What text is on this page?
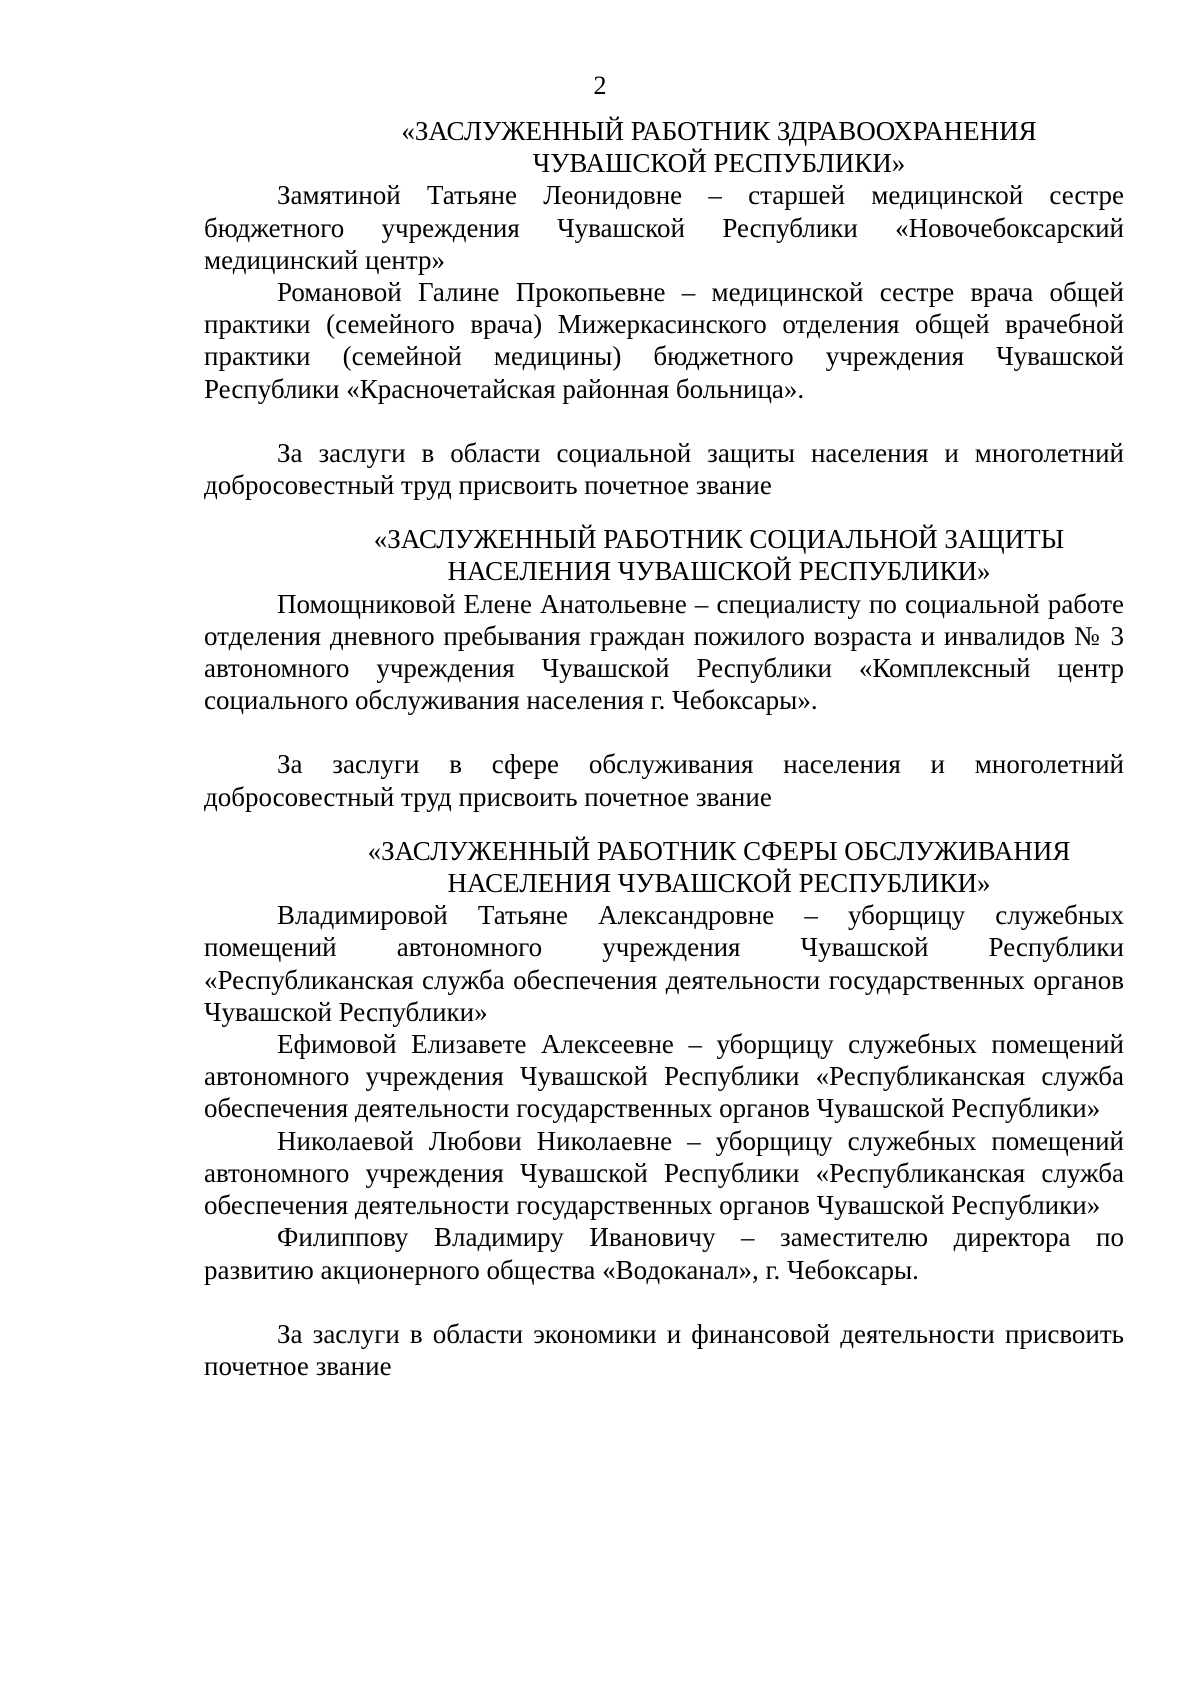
2
«ЗАСЛУЖЕННЫЙ РАБОТНИК ЗДРАВООХРАНЕНИЯ
ЧУВАШСКОЙ РЕСПУБЛИКИ»

Замятиной Татьяне Леонидовне – старшей медицинской сестре бюджетного учреждения Чувашской Республики «Новочебоксарский медицинский центр»

Романовой Галине Прокопьевне – медицинской сестре врача общей практики (семейного врача) Мижеркасинского отделения общей врачебной практики (семейной медицины) бюджетного учреждения Чувашской Республики «Красночетайская районная больница».

За заслуги в области социальной защиты населения и многолетний добросовестный труд присвоить почетное звание

«ЗАСЛУЖЕННЫЙ РАБОТНИК СОЦИАЛЬНОЙ ЗАЩИТЫ
НАСЕЛЕНИЯ ЧУВАШСКОЙ РЕСПУБЛИКИ»

Помощниковой Елене Анатольевне – специалисту по социальной работе отделения дневного пребывания граждан пожилого возраста и инвалидов № 3 автономного учреждения Чувашской Республики «Комплексный центр социального обслуживания населения г. Чебоксары».

За заслуги в сфере обслуживания населения и многолетний добросовестный труд присвоить почетное звание

«ЗАСЛУЖЕННЫЙ РАБОТНИК СФЕРЫ ОБСЛУЖИВАНИЯ
НАСЕЛЕНИЯ ЧУВАШСКОЙ РЕСПУБЛИКИ»

Владимировой Татьяне Александровне – уборщицу служебных помещений автономного учреждения Чувашской Республики «Республиканская служба обеспечения деятельности государственных органов Чувашской Республики»

Ефимовой Елизавете Алексеевне – уборщицу служебных помещений автономного учреждения Чувашской Республики «Республиканская служба обеспечения деятельности государственных органов Чувашской Республики»

Николаевой Любови Николаевне – уборщицу служебных помещений автономного учреждения Чувашской Республики «Республиканская служба обеспечения деятельности государственных органов Чувашской Республики»

Филиппову Владимиру Ивановичу – заместителю директора по развитию акционерного общества «Водоканал», г. Чебоксары.

За заслуги в области экономики и финансовой деятельности присвоить почетное звание
